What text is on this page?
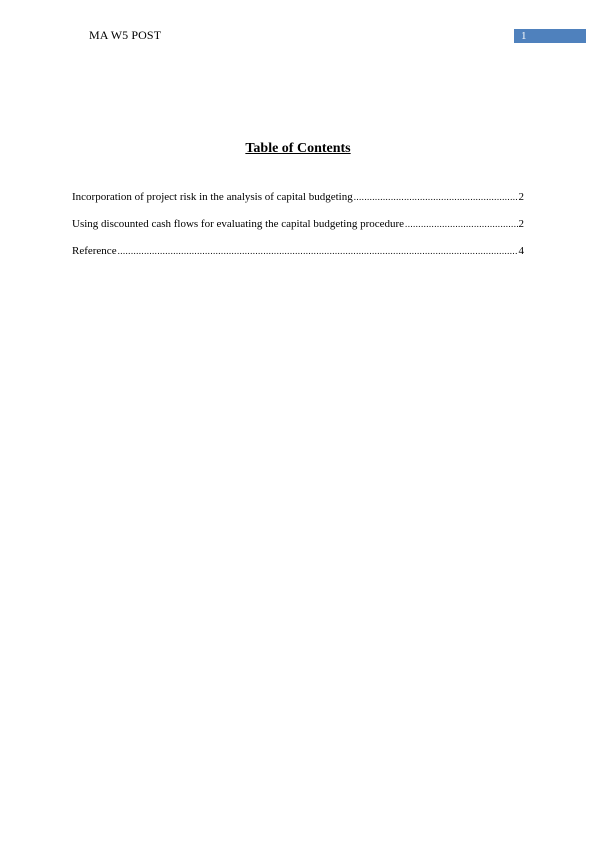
MA W5 POST	1
Table of Contents
Incorporation of project risk in the analysis of capital budgeting .....	2
Using discounted cash flows for evaluating the capital budgeting procedure .....	2
Reference .....	4
